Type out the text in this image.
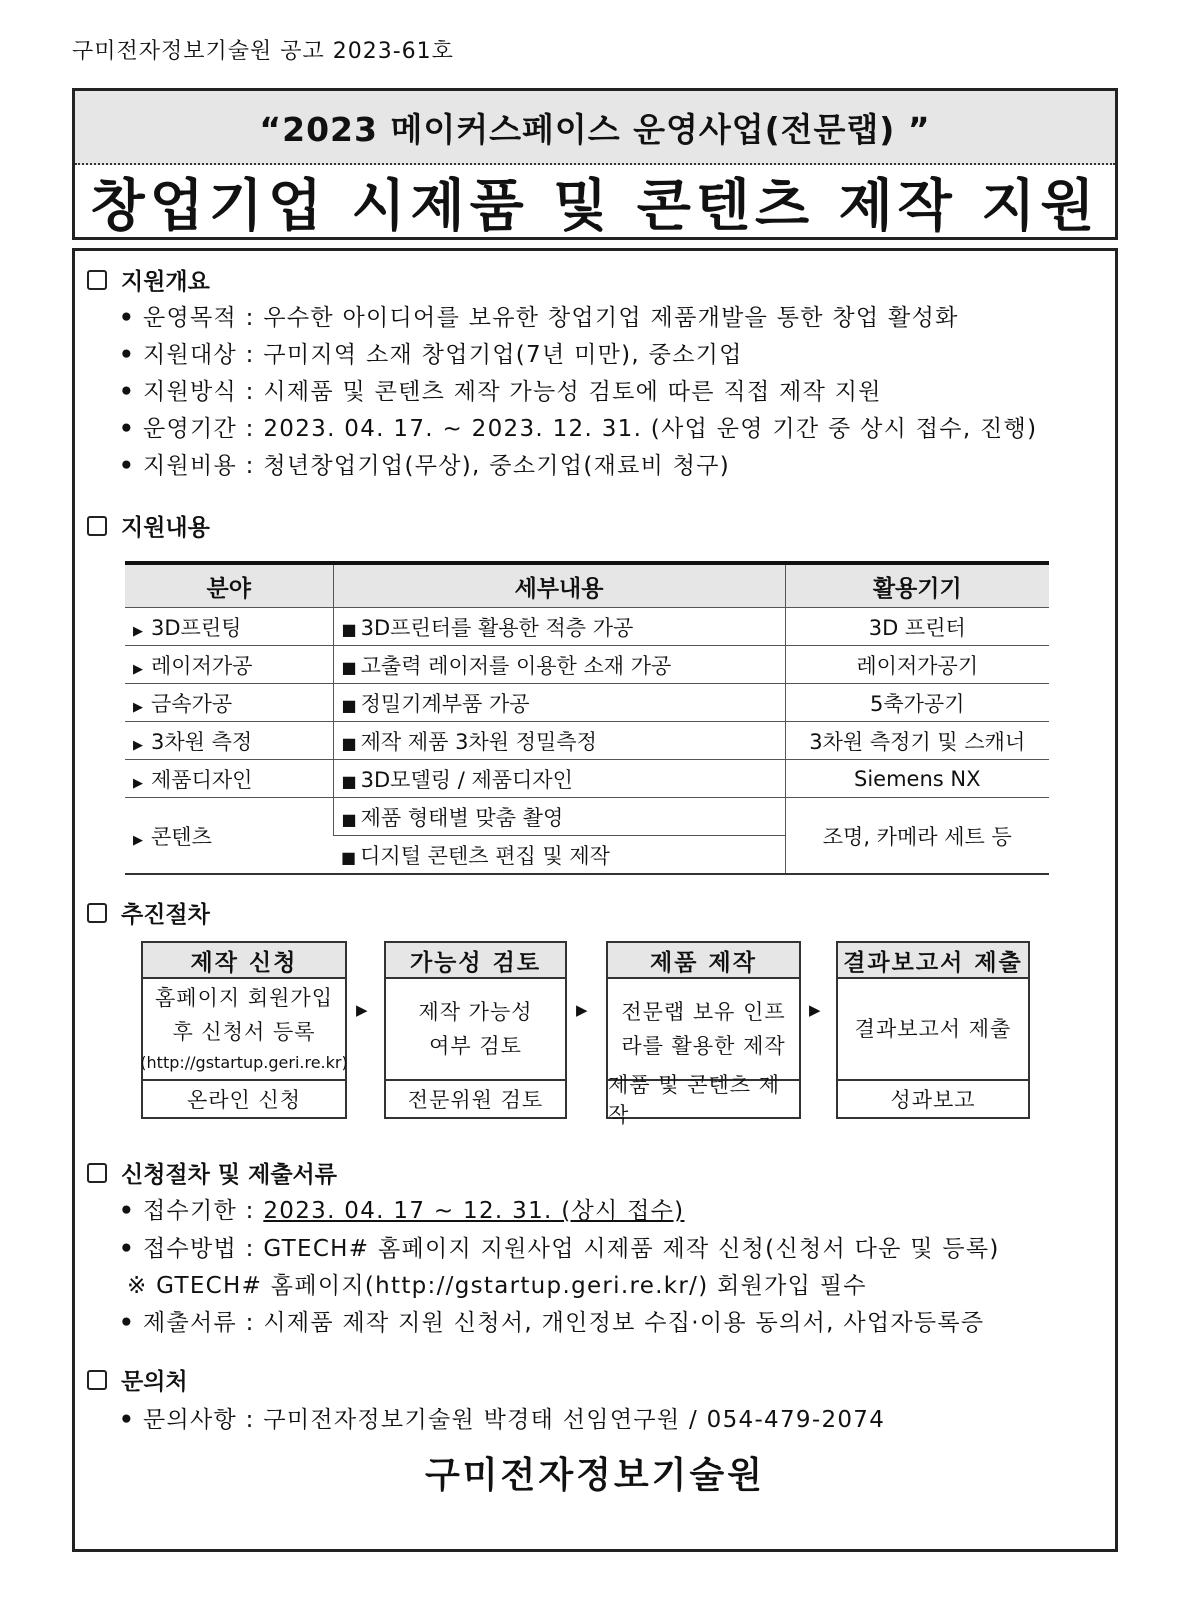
구미전자정보기술원 공고 2023-61호
“2023 메이커스페이스 운영사업(전문랩) ”
창업기업 시제품 및 콘텐츠 제작 지원
지원개요
• 운영목적 : 우수한 아이디어를 보유한 창업기업 제품개발을 통한 창업 활성화
• 지원대상 : 구미지역 소재 창업기업(7년 미만), 중소기업
• 지원방식 : 시제품 및 콘텐츠 제작 가능성 검토에 따른 직접 제작 지원
• 운영기간 : 2023. 04. 17. ~ 2023. 12. 31. (사업 운영 기간 중 상시 접수, 진행)
• 지원비용 : 청년창업기업(무상), 중소기업(재료비 청구)
지원내용
분야	세부내용	활용기기
▶ 3D프린팅	■ 3D프린터를 활용한 적층 가공	3D 프린터
▶ 레이저가공	■ 고출력 레이저를 이용한 소재 가공	레이저가공기
▶ 금속가공	■ 정밀기계부품 가공	5축가공기
▶ 3차원 측정	■ 제작 제품 3차원 정밀측정	3차원 측정기 및 스캐너
▶ 제품디자인	■ 3D모델링 / 제품디자인	Siemens NX
▶ 콘텐츠	■ 제품 형태별 맞춤 촬영	조명, 카메라 세트 등
	■ 디지털 콘텐츠 편집 및 제작	
추진절차
제작 신청
홈페이지 회원가입
후 신청서 등록
(http://gstartup.geri.re.kr)
온라인 신청
▶
가능성 검토
제작 가능성
여부 검토
전문위원 검토
▶
제품 제작
전문랩 보유 인프
라를 활용한 제작
제품 및 콘텐츠 제작
▶
결과보고서 제출
결과보고서 제출
성과보고
신청절차 및 제출서류
• 접수기한 : 2023. 04. 17 ~ 12. 31. (상시 접수)
• 접수방법 : GTECH# 홈페이지 지원사업 시제품 제작 신청(신청서 다운 및 등록)
※ GTECH# 홈페이지(http://gstartup.geri.re.kr/) 회원가입 필수
• 제출서류 : 시제품 제작 지원 신청서, 개인정보 수집·이용 동의서, 사업자등록증
문의처
• 문의사항 : 구미전자정보기술원 박경태 선임연구원 / 054-479-2074
구미전자정보기술원
